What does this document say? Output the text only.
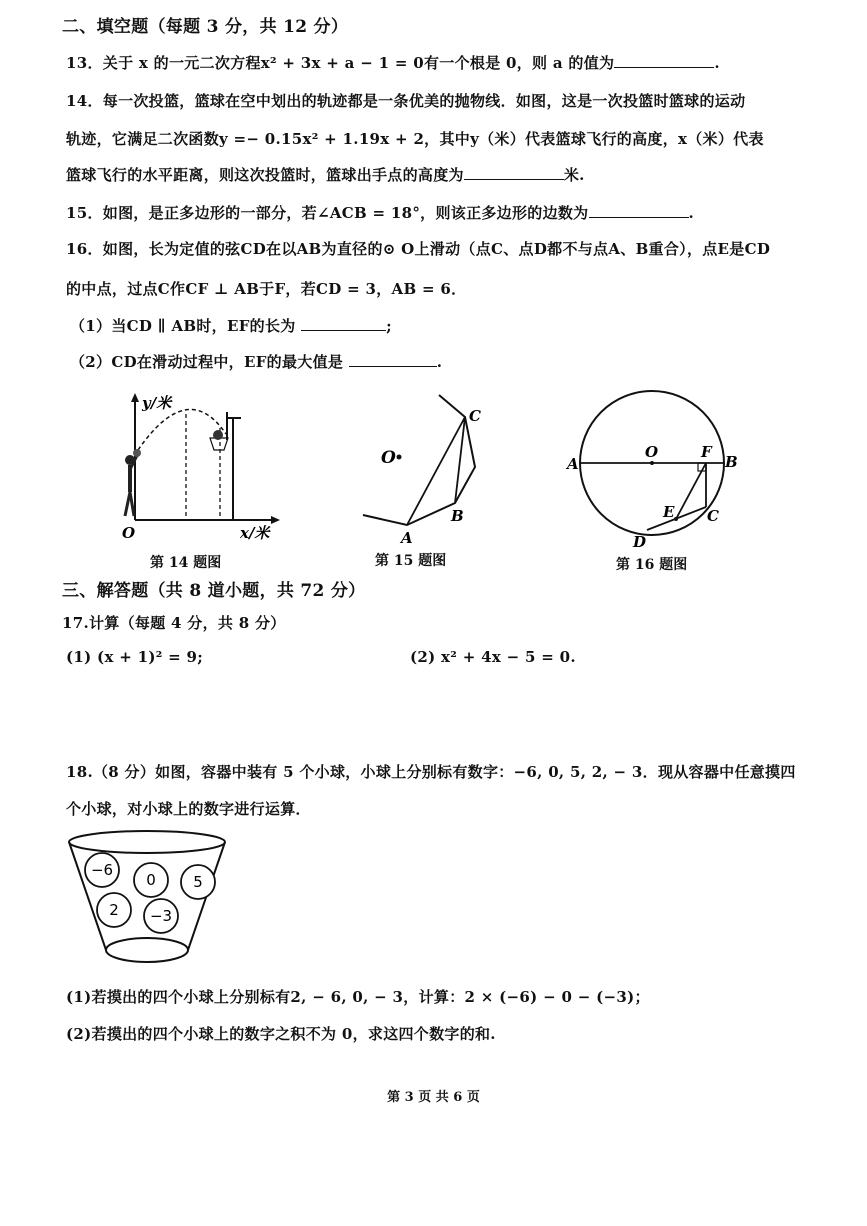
二、填空题（每题 3 分，共 12 分）
13．关于 x 的一元二次方程x² + 3x + a − 1 = 0有一个根是 0，则 a 的值为	.
14．每一次投篮，篮球在空中划出的轨迹都是一条优美的抛物线．如图，这是一次投篮时篮球的运动
轨迹，它满足二次函数y =− 0.15x² + 1.19x + 2，其中y（米）代表篮球飞行的高度，x（米）代表
篮球飞行的水平距离，则这次投篮时，篮球出手点的高度为	米.
15．如图，是正多边形的一部分，若∠ACB = 18°，则该正多边形的边数为	.
16．如图，长为定值的弦CD在以AB为直径的⊙ O上滑动（点C、点D都不与点A、B重合），点E是CD
的中点，过点C作CF ⊥ AB于F，若CD = 3，AB = 6．
（1）当CD ∥ AB时，EF的长为	;
（2）CD在滑动过程中，EF的最大值是	.
O
y/米
x/米
第 14 题图
O
A
B
C
第 15 题图
A
O	F
B
E C
D
第 16 题图
三、解答题（共 8 道小题，共 72 分）
17.计算（每题 4 分，共 8 分）
(1) (x + 1)² = 9;	(2) x² + 4x − 5 = 0.
18.（8 分）如图，容器中装有 5 个小球，小球上分别标有数字：−6, 0, 5, 2, − 3．现从容器中任意摸四
个小球，对小球上的数字进行运算．
−6
0 5
2 −3
(1)若摸出的四个小球上分别标有2, − 6, 0, − 3，计算：2 × (−6) − 0 − (−3)；
(2)若摸出的四个小球上的数字之积不为 0，求这四个数字的和.
第 3 页 共 6 页
